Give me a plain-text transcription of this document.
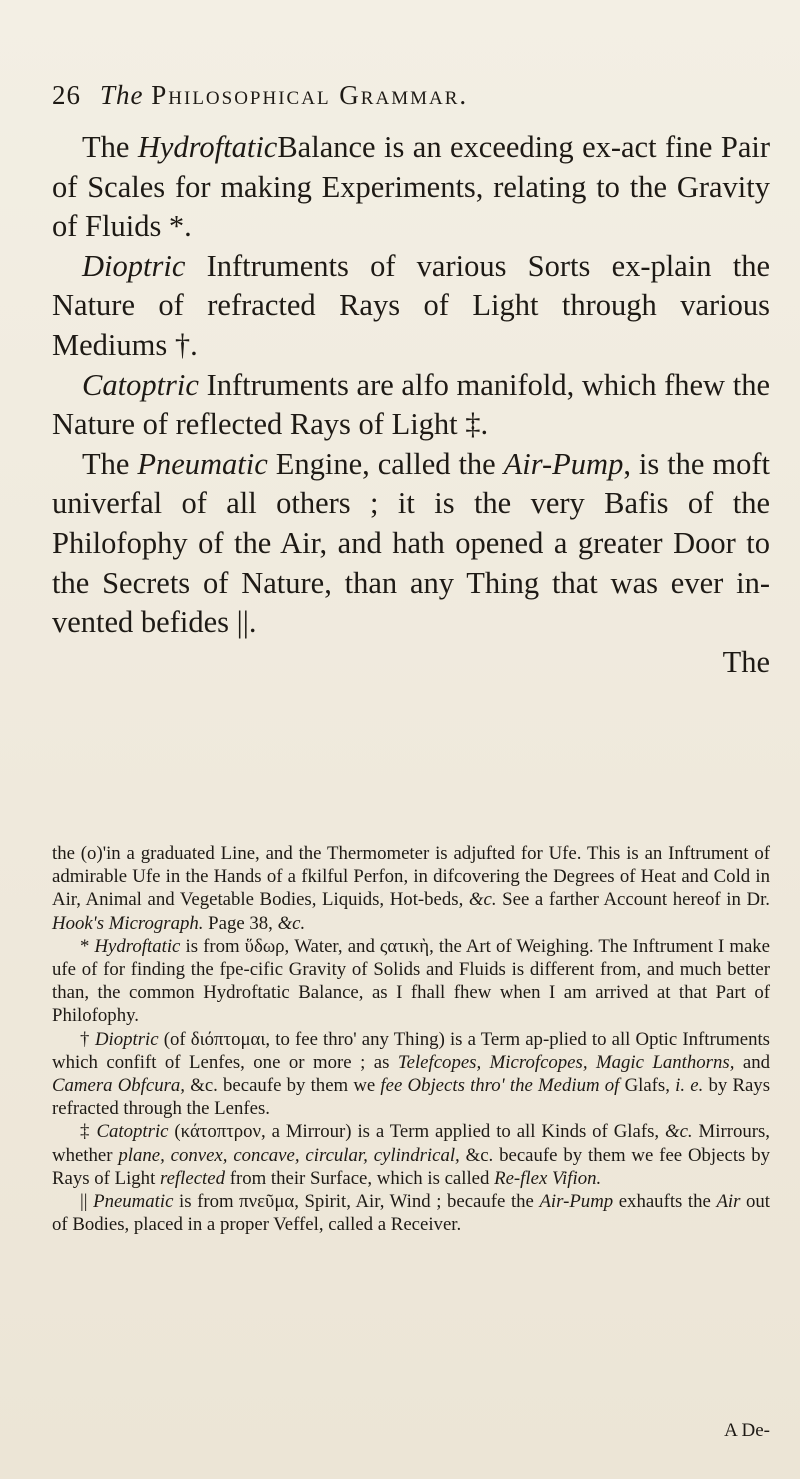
26 The Philosophical Grammar.

The HydroftaticBalance is an exceeding ex-act fine Pair of Scales for making Experiments, relating to the Gravity of Fluids *.

Dioptric Inftruments of various Sorts ex-plain the Nature of refracted Rays of Light through various Mediums †.

Catoptric Inftruments are alfo manifold, which fhew the Nature of reflected Rays of Light ‡.

The Pneumatic Engine, called the Air-Pump, is the moft univerfal of all others ; it is the very Bafis of the Philofophy of the Air, and hath opened a greater Door to the Secrets of Nature, than any Thing that was ever in-vented befides ||.

The

the (o)'in a graduated Line, and the Thermometer is adjufted for Ufe. This is an Inftrument of admirable Ufe in the Hands of a fkilful Perfon, in difcovering the Degrees of Heat and Cold in Air, Animal and Vegetable Bodies, Liquids, Hot-beds, &c. See a farther Account hereof in Dr. Hook's Micrograph. Page 38, &c.

* Hydroftatic is from ὕδωρ, Water, and ςατικὴ, the Art of Weighing. The Inftrument I make ufe of for finding the fpe-cific Gravity of Solids and Fluids is different from, and much better than, the common Hydroftatic Balance, as I fhall fhew when I am arrived at that Part of Philofophy.

† Dioptric (of διόπτομαι, to fee thro' any Thing) is a Term ap-plied to all Optic Inftruments which confift of Lenfes, one or more ; as Telefcopes, Microfcopes, Magic Lanthorns, and Camera Obfcura, &c. becaufe by them we fee Objects thro' the Medium of Glafs, i. e. by Rays refracted through the Lenfes.

‡ Catoptric (κάτοπτρον, a Mirrour) is a Term applied to all Kinds of Glafs, &c. Mirrours, whether plane, convex, concave, circular, cylindrical, &c. becaufe by them we fee Objects by Rays of Light reflected from their Surface, which is called Re-flex Vifion.

|| Pneumatic is from πνεῦμα, Spirit, Air, Wind ; becaufe the Air-Pump exhaufts the Air out of Bodies, placed in a proper Veffel, called a Receiver.

A De-
